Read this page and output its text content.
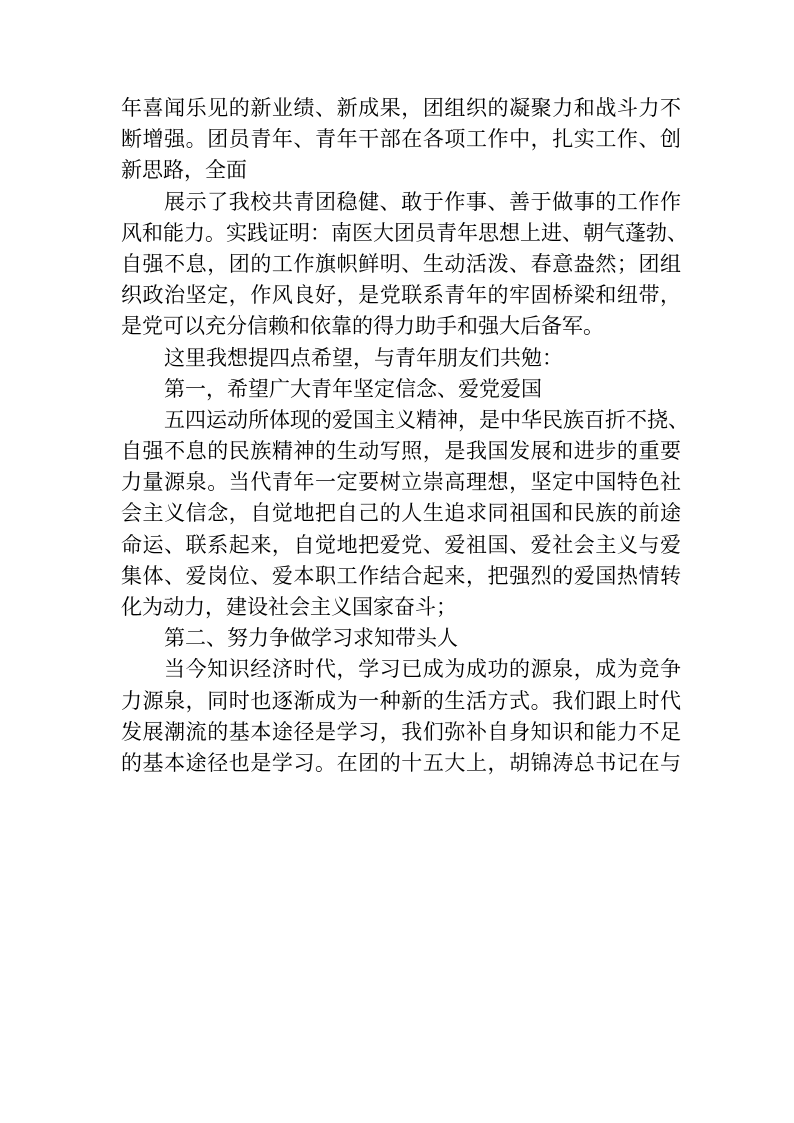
年喜闻乐见的新业绩、新成果，团组织的凝聚力和战斗力不
断增强。团员青年、青年干部在各项工作中，扎实工作、创
新思路，全面
展示了我校共青团稳健、敢于作事、善于做事的工作作
风和能力。实践证明：南医大团员青年思想上进、朝气蓬勃、
自强不息，团的工作旗帜鲜明、生动活泼、春意盎然；团组
织政治坚定，作风良好，是党联系青年的牢固桥梁和纽带，
是党可以充分信赖和依靠的得力助手和强大后备军。
这里我想提四点希望，与青年朋友们共勉：
第一，希望广大青年坚定信念、爱党爱国
五四运动所体现的爱国主义精神，是中华民族百折不挠、
自强不息的民族精神的生动写照，是我国发展和进步的重要
力量源泉。当代青年一定要树立崇高理想，坚定中国特色社
会主义信念，自觉地把自己的人生追求同祖国和民族的前途
命运、联系起来，自觉地把爱党、爱祖国、爱社会主义与爱
集体、爱岗位、爱本职工作结合起来，把强烈的爱国热情转
化为动力，建设社会主义国家奋斗；
第二、努力争做学习求知带头人
当今知识经济时代，学习已成为成功的源泉，成为竞争
力源泉，同时也逐渐成为一种新的生活方式。我们跟上时代
发展潮流的基本途径是学习，我们弥补自身知识和能力不足
的基本途径也是学习。在团的十五大上，胡锦涛总书记在与
